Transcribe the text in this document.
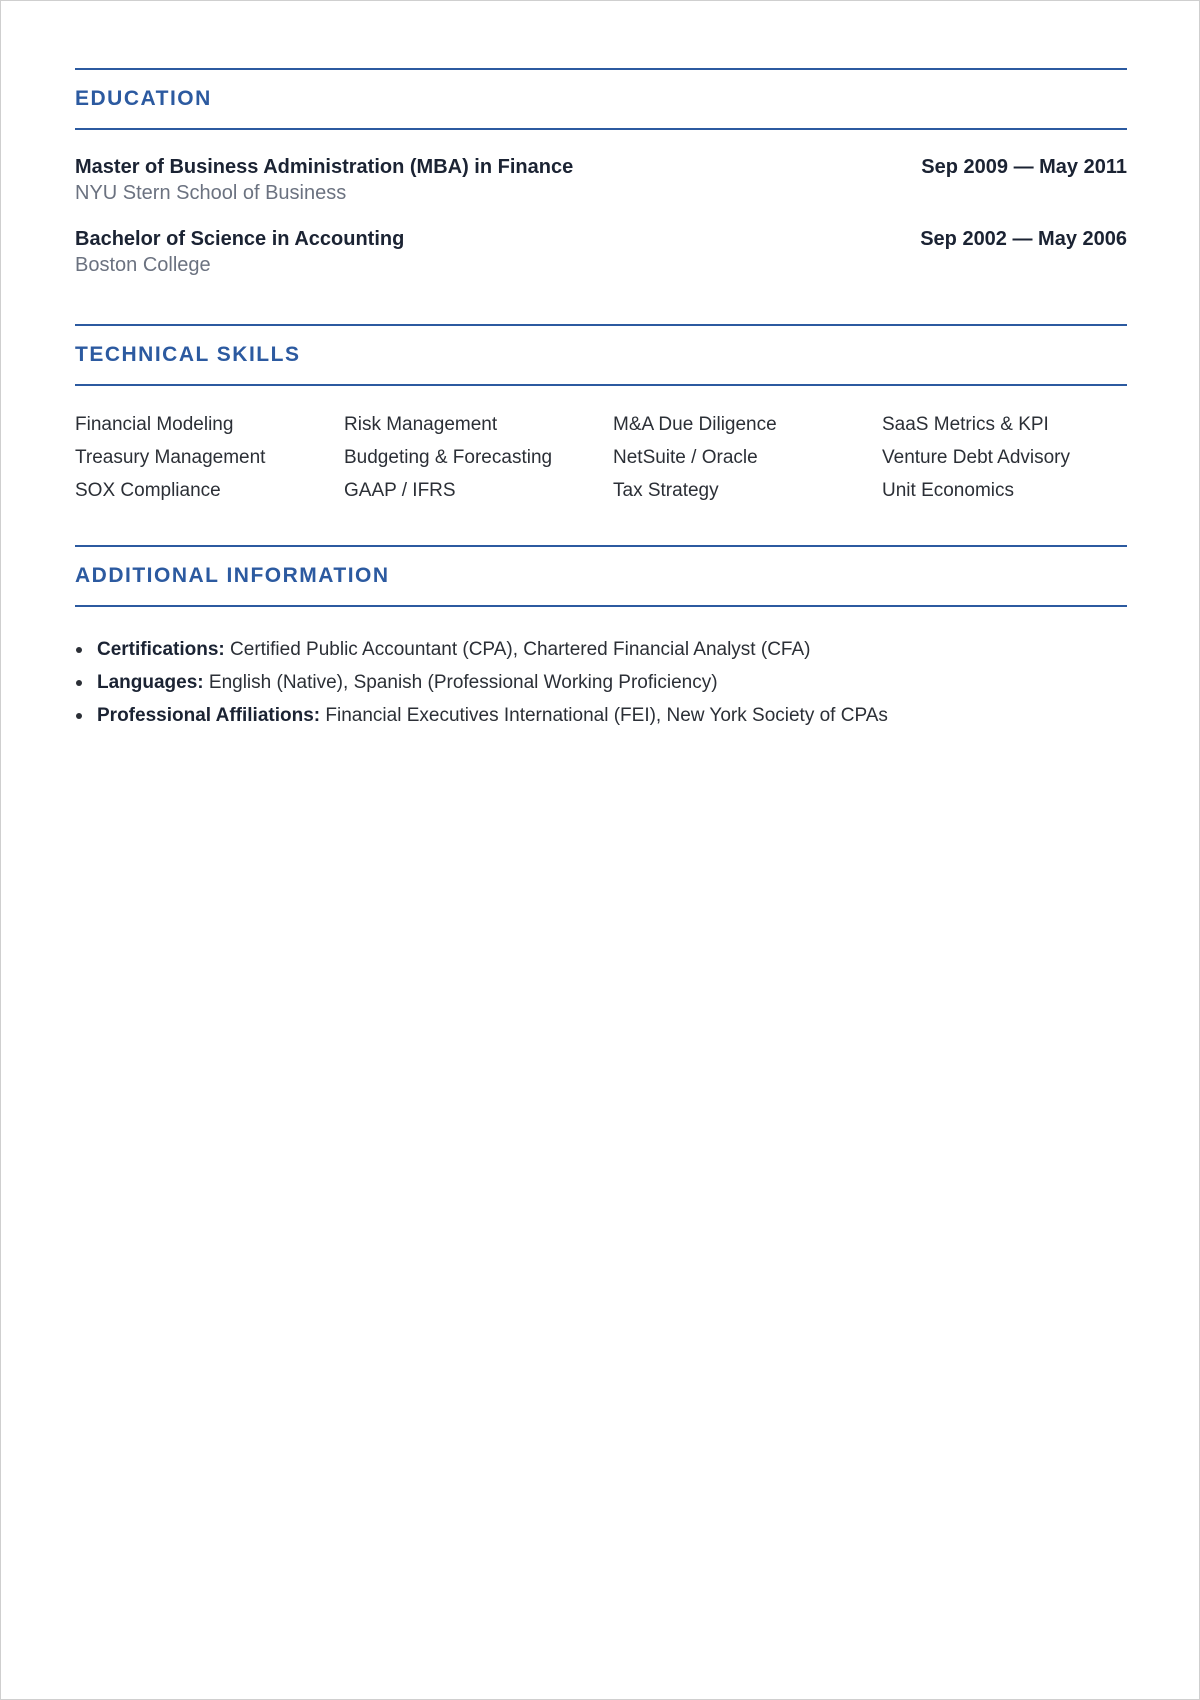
EDUCATION
Master of Business Administration (MBA) in Finance	Sep 2009 — May 2011
NYU Stern School of Business
Bachelor of Science in Accounting	Sep 2002 — May 2006
Boston College
TECHNICAL SKILLS
Financial Modeling	Risk Management	M&A Due Diligence	SaaS Metrics & KPI
Treasury Management	Budgeting & Forecasting	NetSuite / Oracle	Venture Debt Advisory
SOX Compliance	GAAP / IFRS	Tax Strategy	Unit Economics
ADDITIONAL INFORMATION
Certifications: Certified Public Accountant (CPA), Chartered Financial Analyst (CFA)
Languages: English (Native), Spanish (Professional Working Proficiency)
Professional Affiliations: Financial Executives International (FEI), New York Society of CPAs
